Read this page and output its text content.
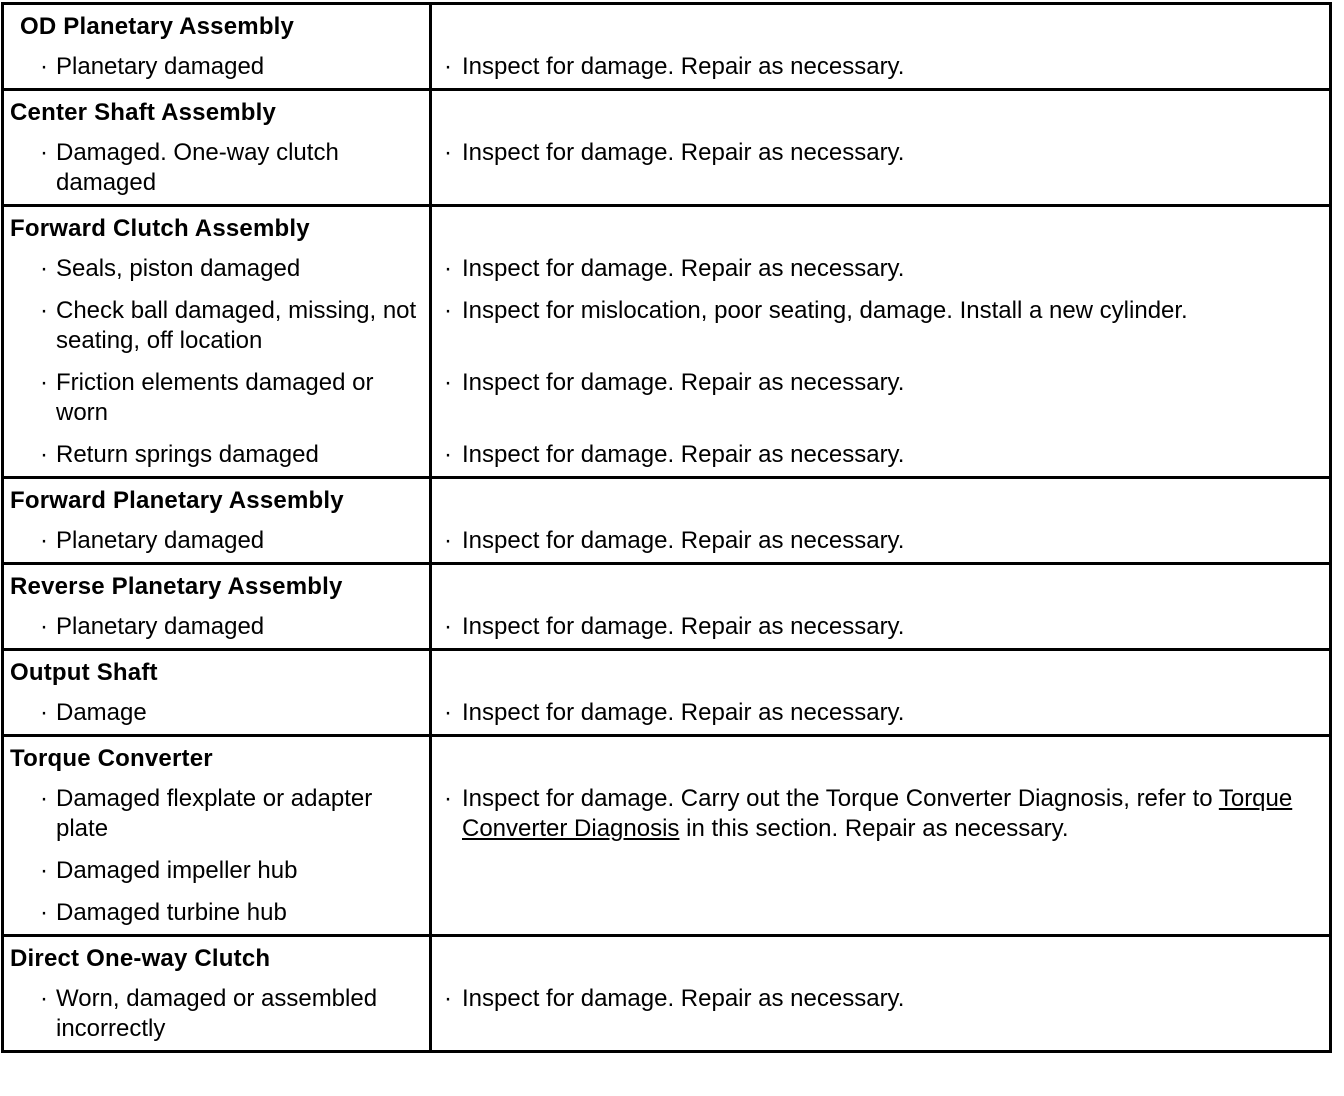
OD Planetary Assembly	

· Planetary damaged	· Inspect for damage. Repair as necessary.

Center Shaft Assembly	

· Damaged. One-way clutch damaged	· Inspect for damage. Repair as necessary.

Forward Clutch Assembly	

· Seals, piston damaged	· Inspect for damage. Repair as necessary.

· Check ball damaged, missing, not seating, off location	· Inspect for mislocation, poor seating, damage. Install a new cylinder.

· Friction elements damaged or worn	· Inspect for damage. Repair as necessary.

· Return springs damaged	· Inspect for damage. Repair as necessary.

Forward Planetary Assembly	

· Planetary damaged	· Inspect for damage. Repair as necessary.

Reverse Planetary Assembly	

· Planetary damaged	· Inspect for damage. Repair as necessary.

Output Shaft	

· Damage	· Inspect for damage. Repair as necessary.

Torque Converter	

· Damaged flexplate or adapter plate	· Inspect for damage. Carry out the Torque Converter Diagnosis, refer to Torque Converter Diagnosis in this section. Repair as necessary.

· Damaged impeller hub	

· Damaged turbine hub	

Direct One-way Clutch	

· Worn, damaged or assembled incorrectly	· Inspect for damage. Repair as necessary.
